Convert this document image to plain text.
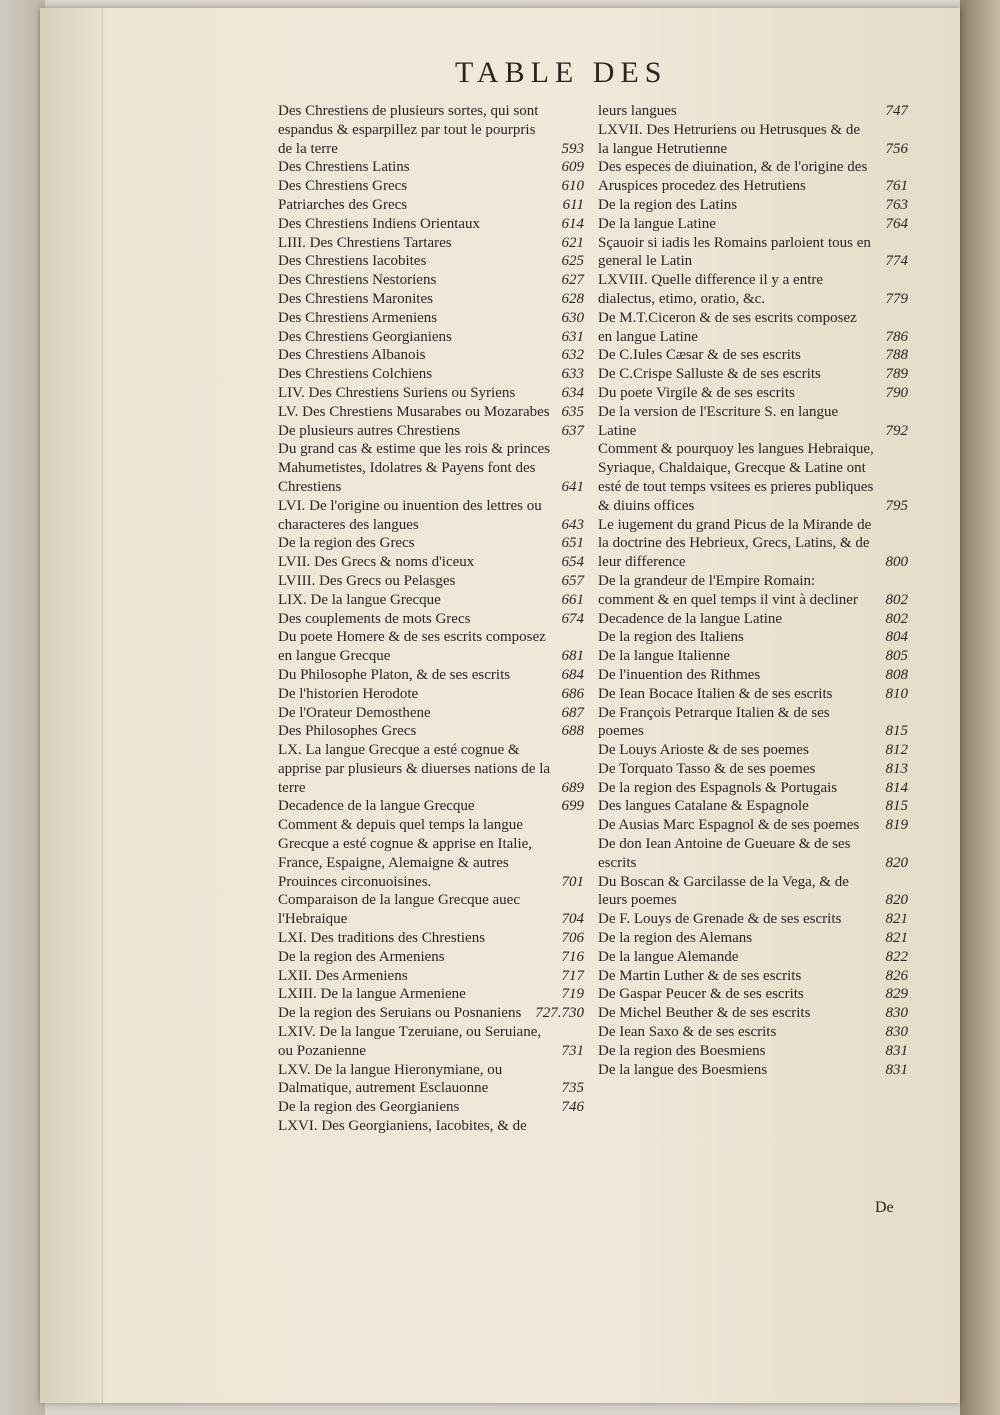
TABLE DES
Des Chrestiens de plusieurs sortes, qui sont espandus & esparpillez par tout le pourpris de la terre	593
Des Chrestiens Latins	609
Des Chrestiens Grecs	610
Patriarches des Grecs	611
Des Chrestiens Indiens Orientaux	614
LIII. Des Chrestiens Tartares	621
Des Chrestiens Iacobites	625
Des Chrestiens Nestoriens	627
Des Chrestiens Maronites	628
Des Chrestiens Armeniens	630
Des Chrestiens Georgianiens	631
Des Chrestiens Albanois	632
Des Chrestiens Colchiens	633
LIV. Des Chrestiens Suriens ou Syriens	634
LV. Des Chrestiens Musarabes ou Mozarabes 635
De plusieurs autres Chrestiens	637
Du grand cas & estime que les rois & princes Mahumetistes, Idolatres & Payens font des Chrestiens	641
LVI. De l'origine ou inuention des lettres ou characteres des langues	643
De la region des Grecs	651
LVII. Des Grecs & noms d'iceux	654
LVIII. Des Grecs ou Pelasges	657
LIX. De la langue Grecque	661
Des couplements de mots Grecs	674
Du poete Homere & de ses escrits composez en langue Grecque	681
Du Philosophe Platon, & de ses escrits	684
De l'historien Herodote	686
De l'Orateur Demosthene	687
Des Philosophes Grecs	688
LX. La langue Grecque a esté cognue & apprise par plusieurs & diuerses nations de la terre	689
Decadence de la langue Grecque	699
Comment & depuis quel temps la langue Grecque a esté cognue & apprise en Italie, France, Espaigne, Alemaigne & autres Prouinces circonuoisines.	701
Comparaison de la langue Grecque auec l'Hebraique	704
LXI. Des traditions des Chrestiens	706
De la region des Armeniens	716
LXII. Des Armeniens	717
LXIII. De la langue Armeniene	719
De la region des Seruians ou Posnaniens 727.730
LXIV. De la langue Tzeruiane, ou Seruiane, ou Pozanienne	731
LXV. De la langue Hieronymiane, ou Dalmatique, autrement Esclauonne	735
De la region des Georgianiens	746
LXVI. Des Georgianiens, Iacobites, & de
leurs langues	747
LXVII. Des Hetruriens ou Hetrusques & de la langue Hetrutienne	756
Des especes de diuination, & de l'origine des Aruspices procedez des Hetrutiens	761
De la region des Latins	763
De la langue Latine	764
Sçauoir si iadis les Romains parloient tous en general le Latin	774
LXVIII. Quelle difference il y a entre dialectus, etimo, oratio, &c.	779
De M.T.Ciceron & de ses escrits composez en langue Latine	786
De C.Iules Cæsar & de ses escrits	788
De C.Crispe Salluste & de ses escrits	789
Du poete Virgile & de ses escrits	790
De la version de l'Escriture S. en langue Latine	792
Comment & pourquoy les langues Hebraique, Syriaque, Chaldaique, Grecque & Latine ont esté de tout temps vsitees es prieres publiques & diuins offices	795
Le iugement du grand Picus de la Mirande de la doctrine des Hebrieux, Grecs, Latins, & de leur difference	800
De la grandeur de l'Empire Romain: comment & en quel temps il vint à decliner 802
Decadence de la langue Latine	802
De la region des Italiens	804
De la langue Italienne	805
De l'inuention des Rithmes	808
De Iean Bocace Italien & de ses escrits	810
De François Petrarque Italien & de ses poemes	815
De Louys Arioste & de ses poemes	812
De Torquato Tasso & de ses poemes	813
De la region des Espagnols & Portugais	814
Des langues Catalane & Espagnole	815
De Ausias Marc Espagnol & de ses poemes 819
De don Iean Antoine de Gueuare & de ses escrits	820
Du Boscan & Garcilasse de la Vega, & de leurs poemes	820
De F. Louys de Grenade & de ses escrits	821
De la region des Alemans	821
De la langue Alemande	822
De Martin Luther & de ses escrits	826
De Gaspar Peucer & de ses escrits	829
De Michel Beuther & de ses escrits	830
De Iean Saxo & de ses escrits	830
De la region des Boesmiens	831
De la langue des Boesmiens	831
De
